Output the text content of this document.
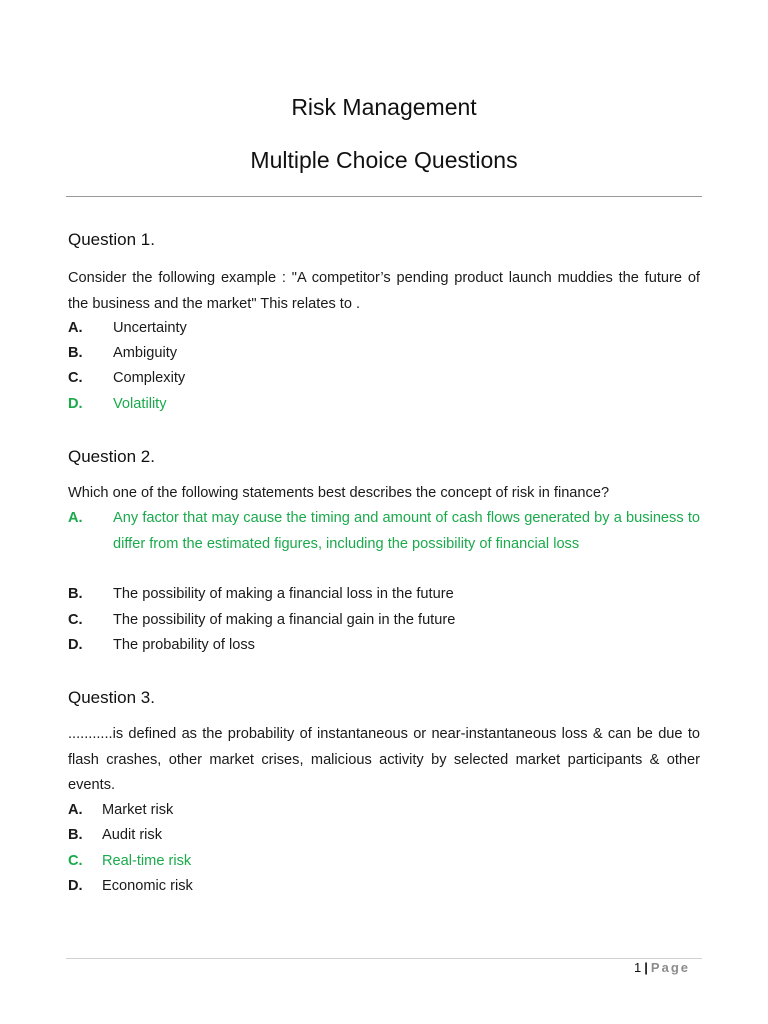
Risk Management
Multiple Choice Questions
Question 1.
Consider the following example : "A competitor’s pending product launch muddies the future of the business and the market" This relates to .
A. Uncertainty
B. Ambiguity
C. Complexity
D. Volatility
Question 2.
Which one of the following statements best describes the concept of risk in finance?
A. Any factor that may cause the timing and amount of cash flows generated by a business to differ from the estimated figures, including the possibility of financial loss
B. The possibility of making a financial loss in the future
C. The possibility of making a financial gain in the future
D. The probability of loss
Question 3.
...........is defined as the probability of instantaneous or near-instantaneous loss & can be due to flash crashes, other market crises, malicious activity by selected market participants & other events.
A. Market risk
B. Audit risk
C. Real-time risk
D. Economic risk
1 | Page
